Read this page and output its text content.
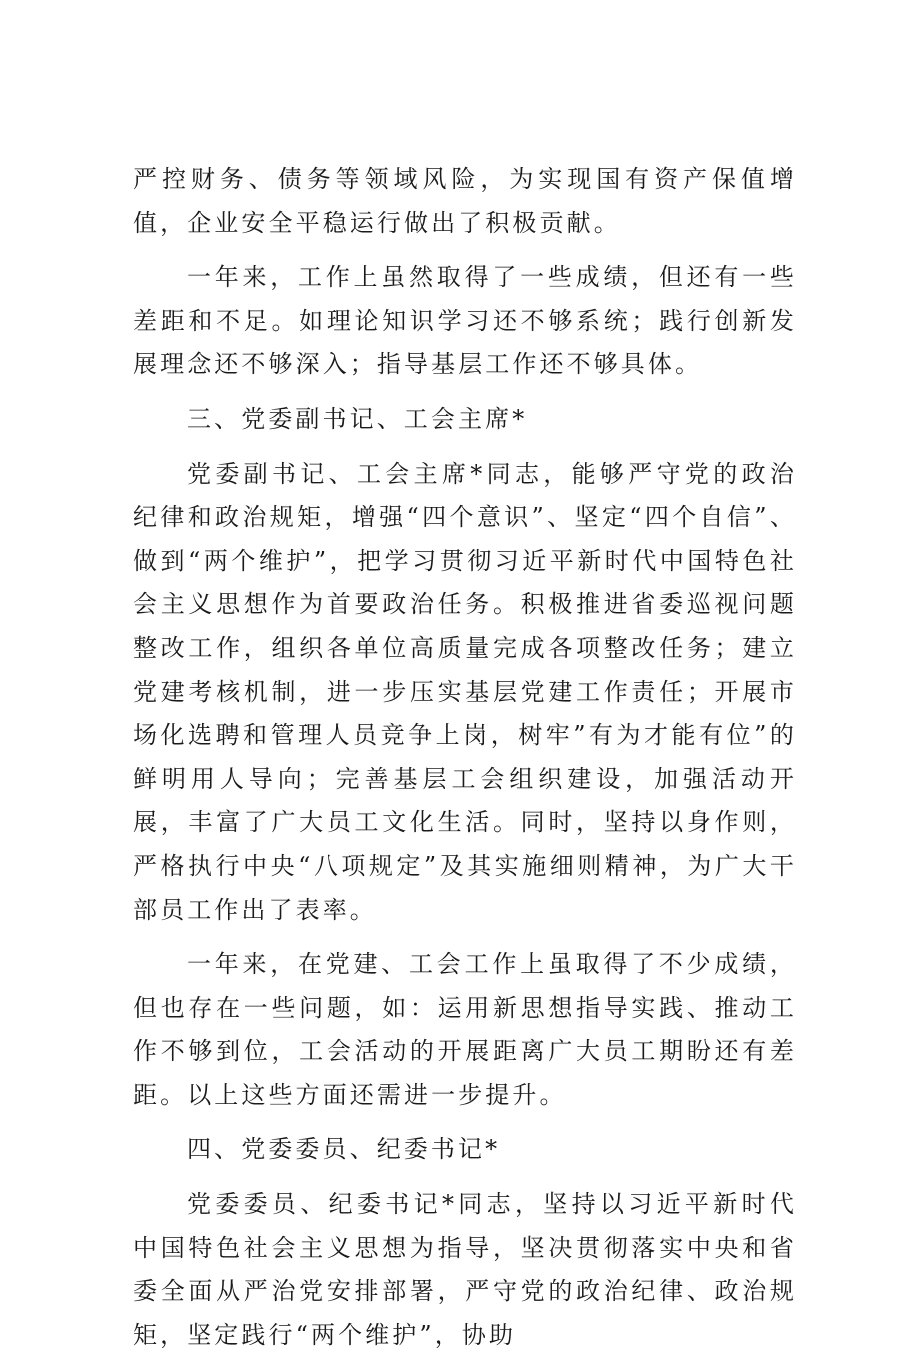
严控财务、债务等领域风险，为实现国有资产保值增值，企业安全平稳运行做出了积极贡献。

一年来，工作上虽然取得了一些成绩，但还有一些差距和不足。如理论知识学习还不够系统；践行创新发展理念还不够深入；指导基层工作还不够具体。

三、党委副书记、工会主席*

党委副书记、工会主席*同志，能够严守党的政治纪律和政治规矩，增强“四个意识”、坚定“四个自信”、做到“两个维护”，把学习贯彻习近平新时代中国特色社会主义思想作为首要政治任务。积极推进省委巡视问题整改工作，组织各单位高质量完成各项整改任务；建立党建考核机制，进一步压实基层党建工作责任；开展市场化选聘和管理人员竞争上岗，树牢”有为才能有位”的鲜明用人导向；完善基层工会组织建设，加强活动开展，丰富了广大员工文化生活。同时，坚持以身作则，严格执行中央“八项规定”及其实施细则精神，为广大干部员工作出了表率。

一年来，在党建、工会工作上虽取得了不少成绩，但也存在一些问题，如：运用新思想指导实践、推动工作不够到位，工会活动的开展距离广大员工期盼还有差距。以上这些方面还需进一步提升。

四、党委委员、纪委书记*

党委委员、纪委书记*同志，坚持以习近平新时代中国特色社会主义思想为指导，坚决贯彻落实中央和省委全面从严治党安排部署，严守党的政治纪律、政治规矩，坚定践行“两个维护”，协助
